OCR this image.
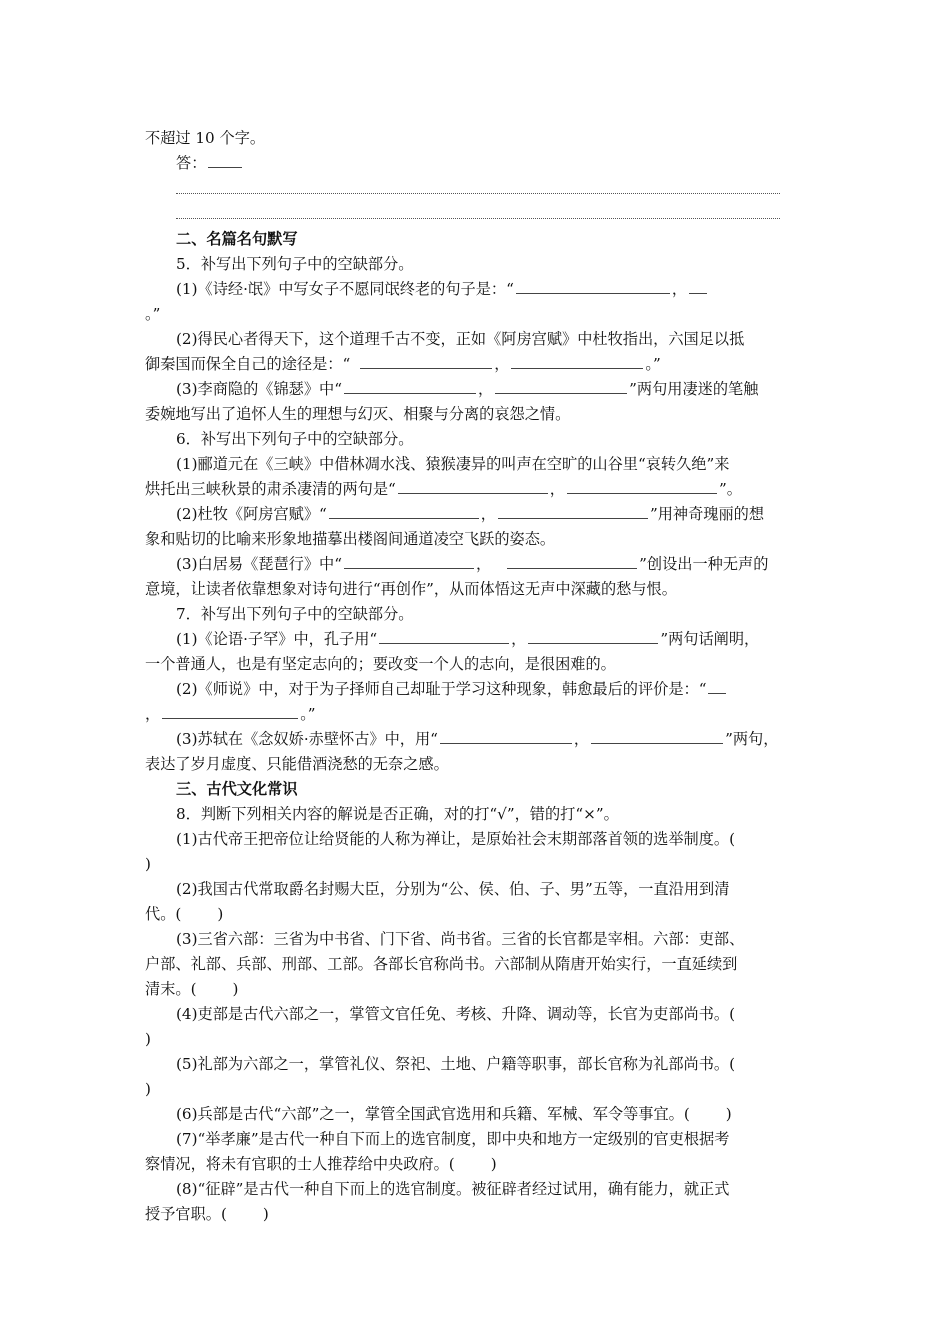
不超过 10 个字。
答：
二、名篇名句默写
5．补写出下列句子中的空缺部分。
(1)《诗经·氓》中写女子不愿同氓终老的句子是：“	，
。”
(2)得民心者得天下，这个道理千古不变，正如《阿房宫赋》中杜牧指出，六国足以抵
御秦国而保全自己的途径是：“	，	。”
(3)李商隐的《锦瑟》中“	，	”两句用凄迷的笔触
委婉地写出了追怀人生的理想与幻灭、相聚与分离的哀怨之情。
6．补写出下列句子中的空缺部分。
(1)郦道元在《三峡》中借林凋水浅、猿猴凄异的叫声在空旷的山谷里“哀转久绝”来
烘托出三峡秋景的肃杀凄清的两句是“	，	”。
(2)杜牧《阿房宫赋》“	，	”用神奇瑰丽的想
象和贴切的比喻来形象地描摹出楼阁间通道凌空飞跃的姿态。
(3)白居易《琵琶行》中“	，	”创设出一种无声的
意境，让读者依靠想象对诗句进行“再创作”，从而体悟这无声中深藏的愁与恨。
7．补写出下列句子中的空缺部分。
(1)《论语·子罕》中，孔子用“	，	”两句话阐明，
一个普通人，也是有坚定志向的；要改变一个人的志向，是很困难的。
(2)《师说》中，对于为子择师自己却耻于学习这种现象，韩愈最后的评价是：“
，	。”
(3)苏轼在《念奴娇·赤壁怀古》中，用“	，	”两句，
表达了岁月虚度、只能借酒浇愁的无奈之感。
三、古代文化常识
8．判断下列相关内容的解说是否正确，对的打“√”，错的打“×”。
(1)古代帝王把帝位让给贤能的人称为禅让，是原始社会末期部落首领的选举制度。(
)
(2)我国古代常取爵名封赐大臣，分别为“公、侯、伯、子、男”五等，一直沿用到清
代。( )
(3)三省六部：三省为中书省、门下省、尚书省。三省的长官都是宰相。六部：吏部、
户部、礼部、兵部、刑部、工部。各部长官称尚书。六部制从隋唐开始实行，一直延续到
清末。( )
(4)吏部是古代六部之一，掌管文官任免、考核、升降、调动等，长官为吏部尚书。(
)
(5)礼部为六部之一，掌管礼仪、祭祀、土地、户籍等职事，部长官称为礼部尚书。(
)
(6)兵部是古代“六部”之一，掌管全国武官选用和兵籍、军械、军令等事宜。( )
(7)“举孝廉”是古代一种自下而上的选官制度，即中央和地方一定级别的官吏根据考
察情况，将未有官职的士人推荐给中央政府。( )
(8)“征辟”是古代一种自下而上的选官制度。被征辟者经过试用，确有能力，就正式
授予官职。( )
